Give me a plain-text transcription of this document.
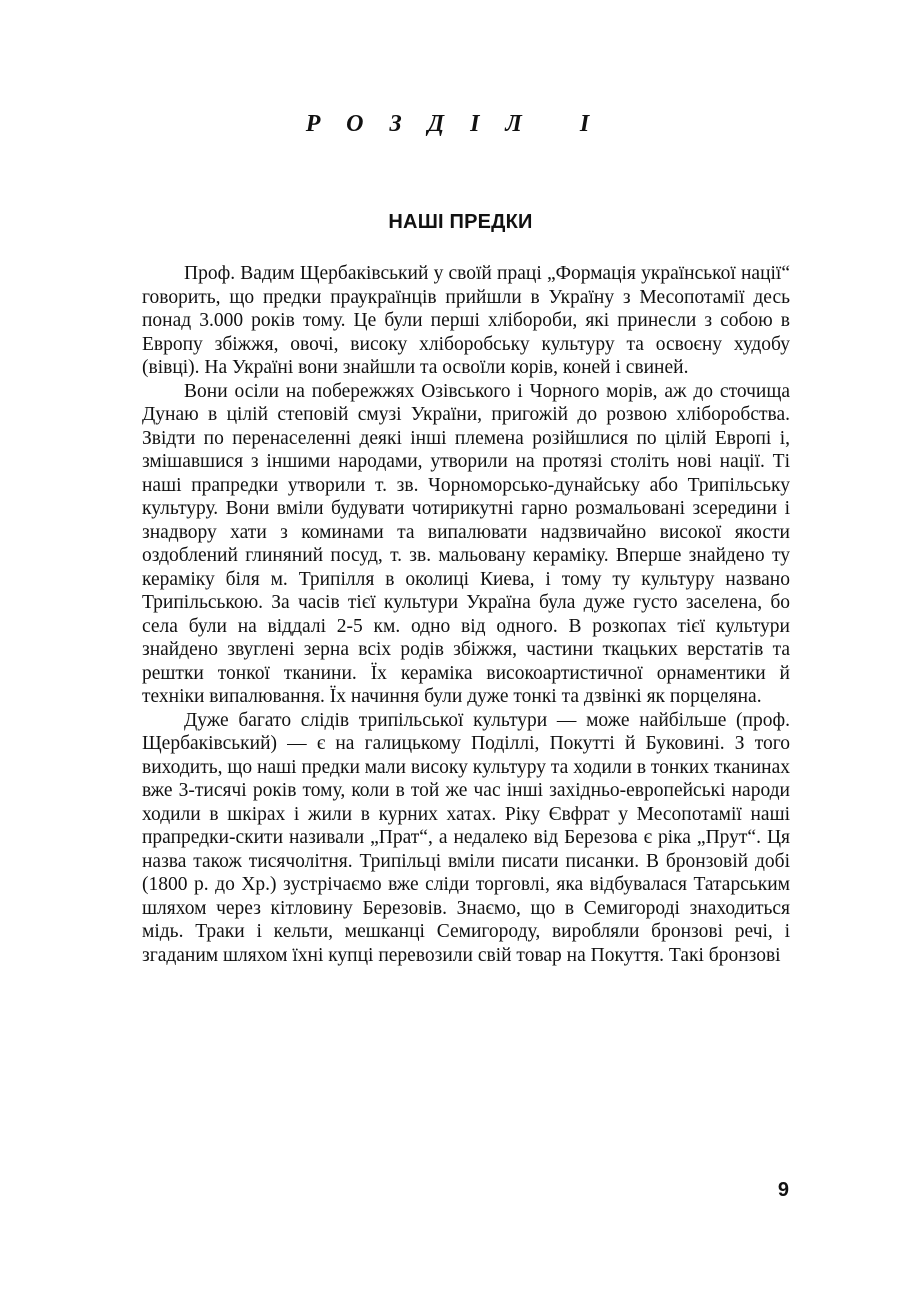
РОЗДІЛ І
НАШІ ПРЕДКИ

Проф. Вадим Щербаківський у своїй праці „Формація української нації“ говорить, що предки праукраїнців прийшли в Україну з Месопотамії десь понад 3.000 років тому. Це були перші хлібороби, які принесли з собою в Европу збіжжя, овочі, високу хліборобську культуру та освоєну худобу (вівці). На Україні вони знайшли та освоїли корів, коней і свиней.

Вони осіли на побережжях Озівського і Чорного морів, аж до сточища Дунаю в цілій степовій смузі України, пригожій до розвою хліборобства. Звідти по перенаселенні деякі інші племена розійшлися по цілій Европі і, змішавшися з іншими народами, утворили на протязі століть нові нації. Ті наші прапредки утворили т. зв. Чорноморсько-дунайську або Трипільську культуру. Вони вміли будувати чотирикутні гарно розмальовані зсередини і знадвору хати з коминами та випалювати надзвичайно високої якости оздоблений глиняний посуд, т. зв. мальовану кераміку. Вперше знайдено ту кераміку біля м. Трипілля в околиці Киева, і тому ту культуру названо Трипільською. За часів тієї культури Україна була дуже густо заселена, бо села були на віддалі 2-5 км. одно від одного. В розкопах тієї культури знайдено звуглені зерна всіх родів збіжжя, частини ткацьких верстатів та рештки тонкої тканини. Їх кераміка високоартистичної орнаментики й техніки випалювання. Їх начиння були дуже тонкі та дзвінкі як порцеляна.

Дуже багато слідів трипільської культури — може найбільше (проф. Щербаківський) — є на галицькому Поділлі, Покутті й Буковині. З того виходить, що наші предки мали високу культуру та ходили в тонких тканинах вже 3-тисячі років тому, коли в той же час інші західньо-европейські народи ходили в шкірах і жили в курних хатах. Ріку Євфрат у Месопотамії наші прапредки-скити називали „Прат“, а недалеко від Березова є ріка „Прут“. Ця назва також тисячолітня. Трипільці вміли писати писанки. В бронзовій добі (1800 р. до Хр.) зустрічаємо вже сліди торговлі, яка відбувалася Татарським шляхом через кітловину Березовів. Знаємо, що в Семигороді знаходиться мідь. Траки і кельти, мешканці Семигороду, виробляли бронзові речі, і згаданим шляхом їхні купці перевозили свій товар на Покуття. Такі бронзові

9
